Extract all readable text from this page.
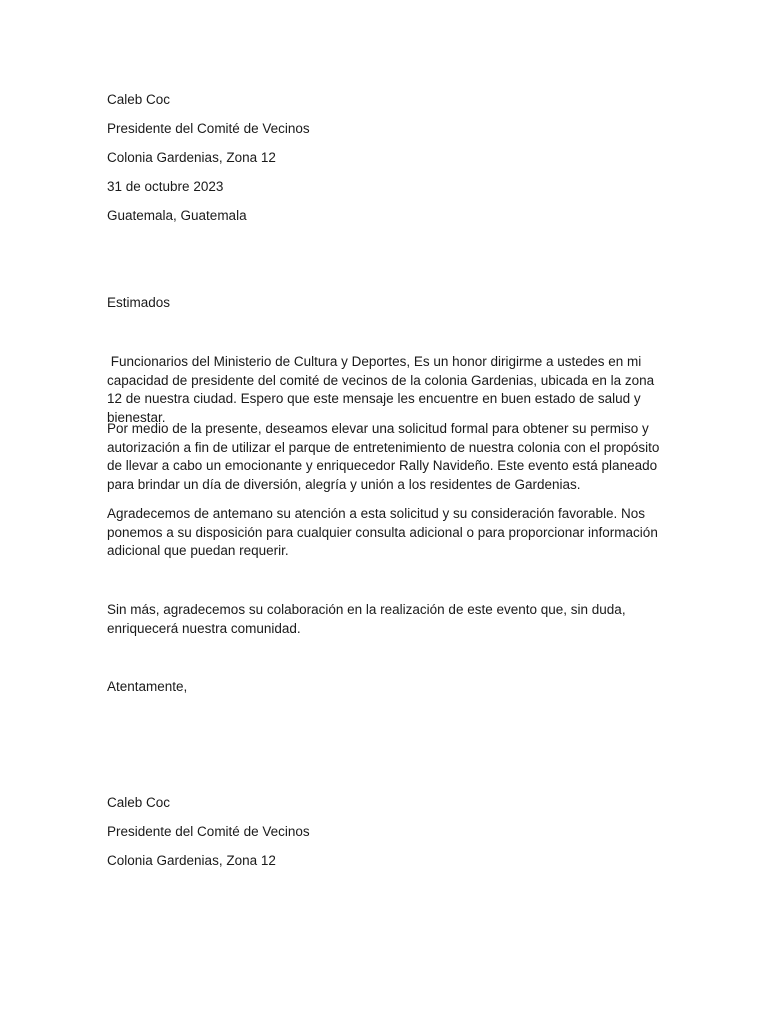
Caleb Coc
Presidente del Comité de Vecinos
Colonia Gardenias, Zona 12
31 de octubre 2023
Guatemala, Guatemala
Estimados
Funcionarios del Ministerio de Cultura y Deportes, Es un honor dirigirme a ustedes en mi capacidad de presidente del comité de vecinos de la colonia Gardenias, ubicada en la zona 12 de nuestra ciudad. Espero que este mensaje les encuentre en buen estado de salud y bienestar.
Por medio de la presente, deseamos elevar una solicitud formal para obtener su permiso y autorización a fin de utilizar el parque de entretenimiento de nuestra colonia con el propósito de llevar a cabo un emocionante y enriquecedor Rally Navideño. Este evento está planeado para brindar un día de diversión, alegría y unión a los residentes de Gardenias.
Agradecemos de antemano su atención a esta solicitud y su consideración favorable. Nos ponemos a su disposición para cualquier consulta adicional o para proporcionar información adicional que puedan requerir.
Sin más, agradecemos su colaboración en la realización de este evento que, sin duda, enriquecerá nuestra comunidad.
Atentamente,
Caleb Coc
Presidente del Comité de Vecinos
Colonia Gardenias, Zona 12
